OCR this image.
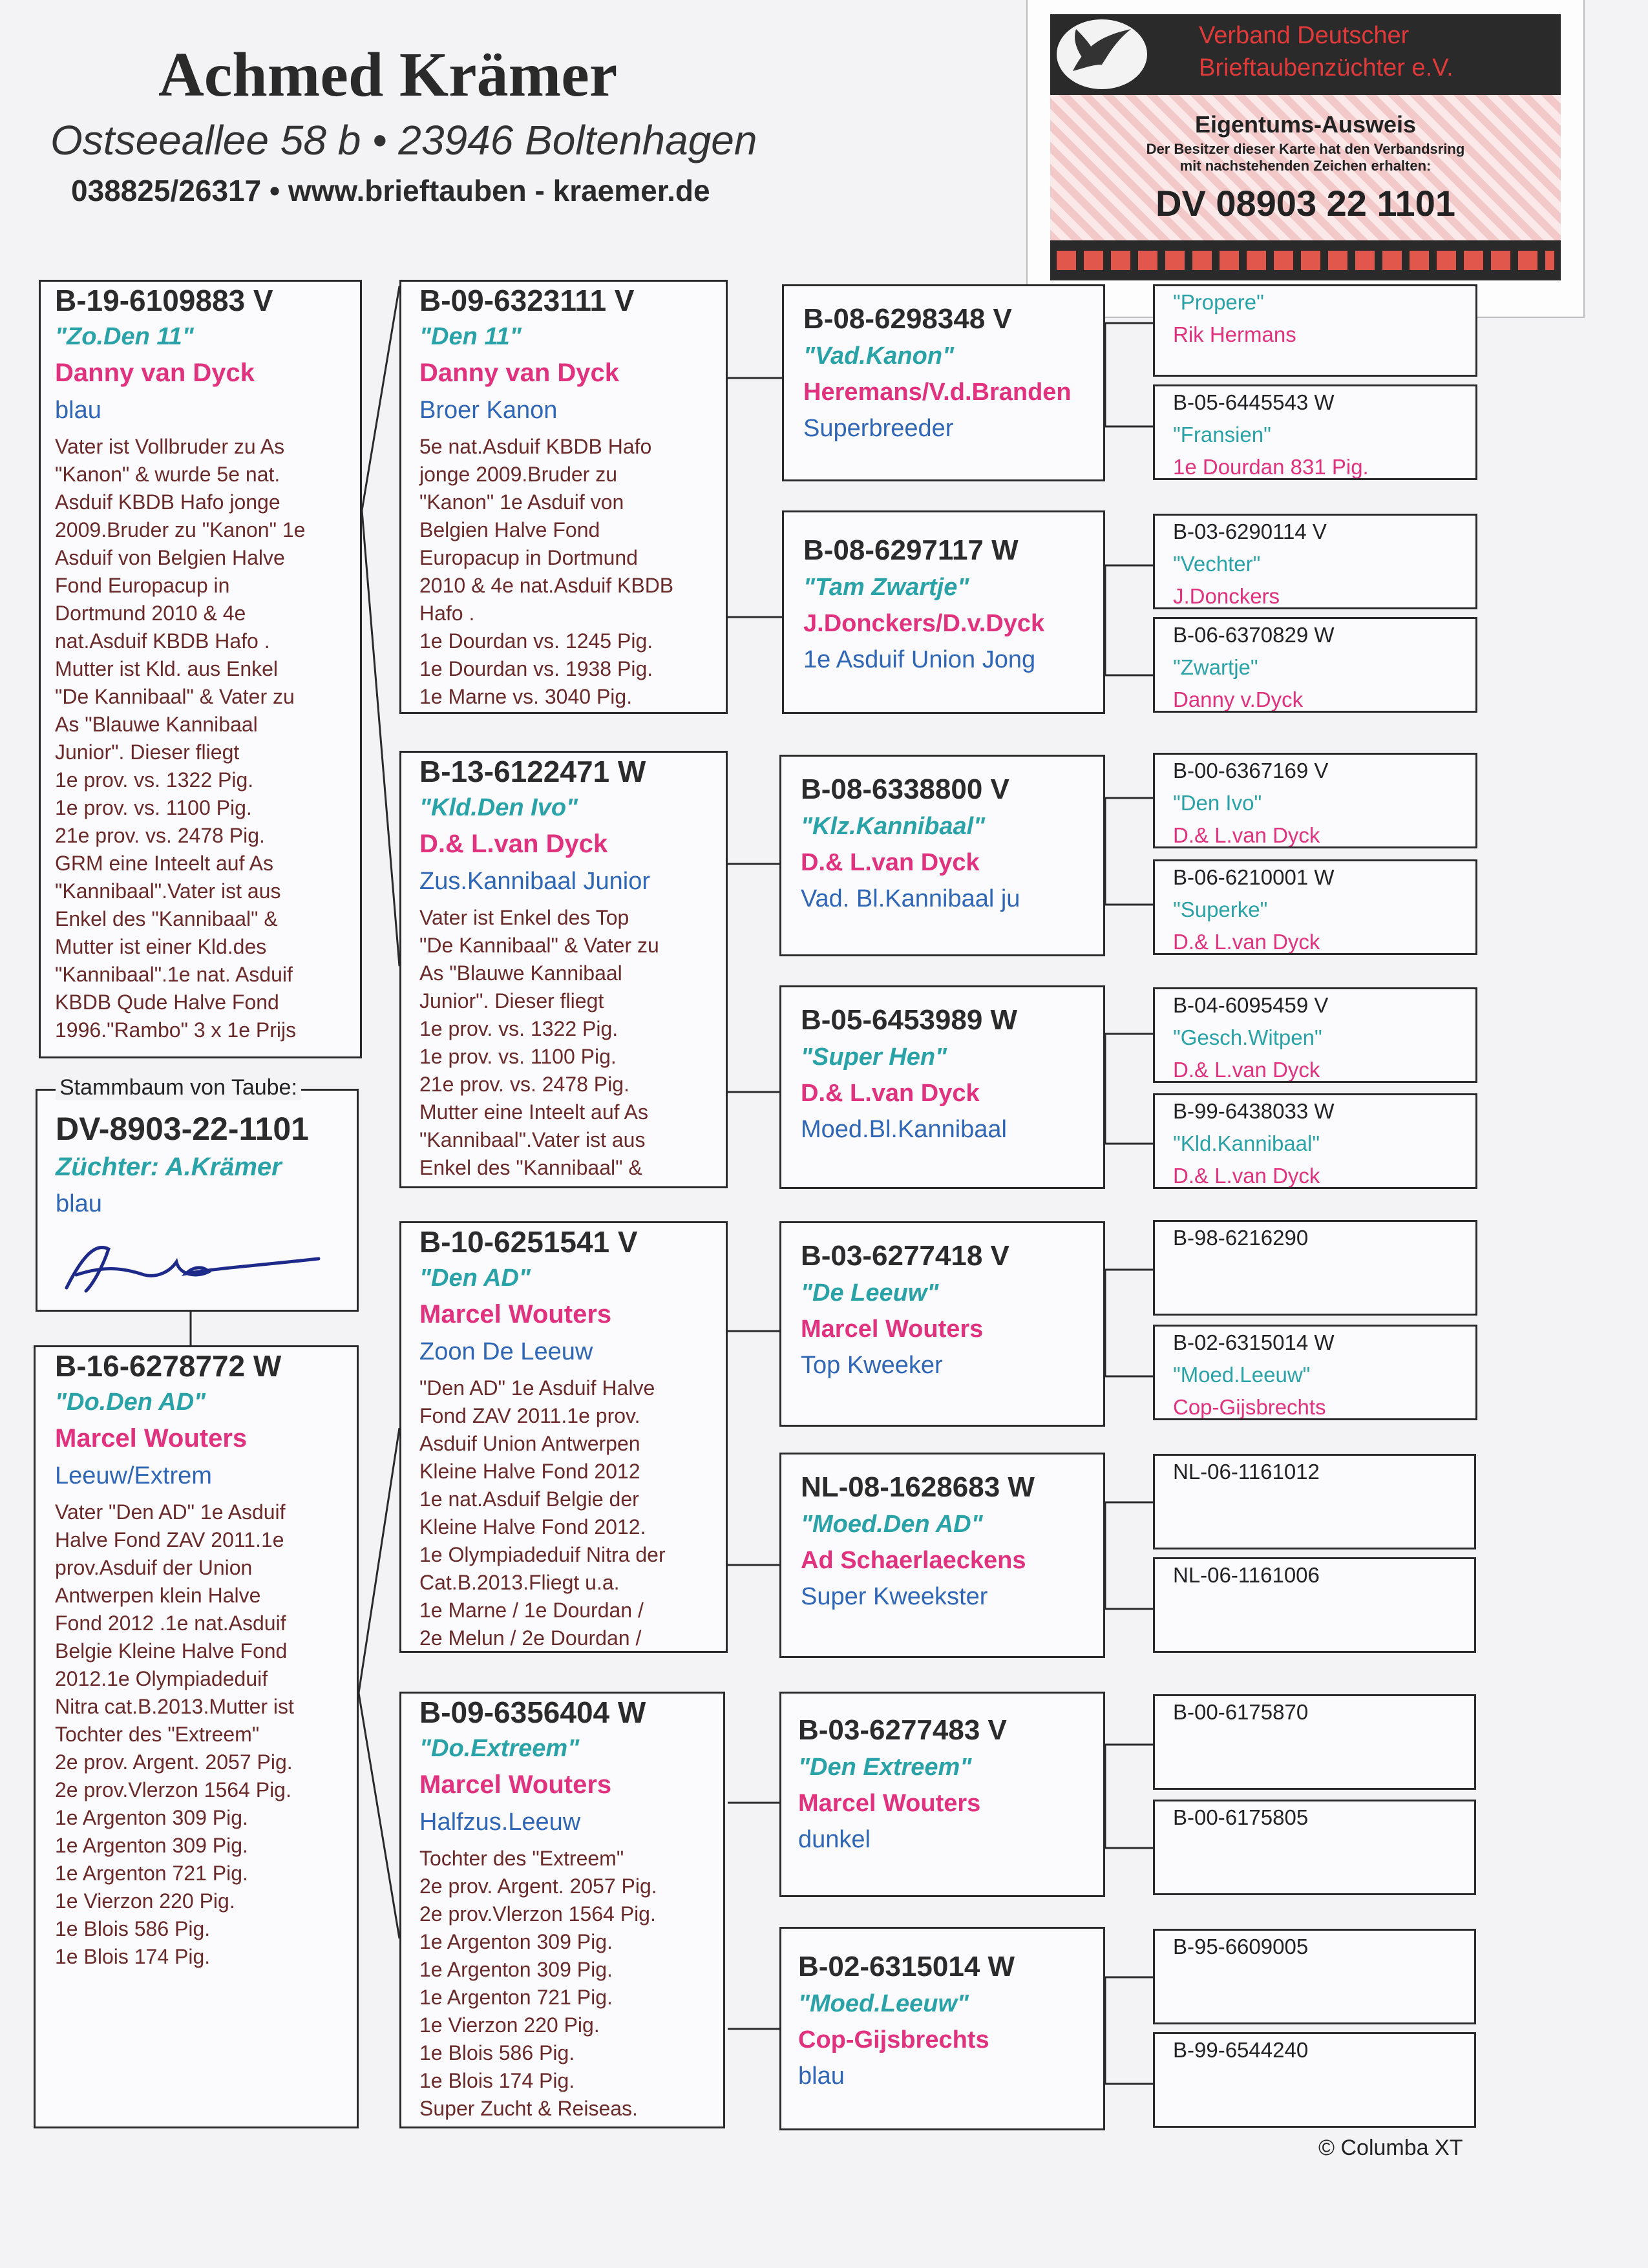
Achmed Krämer
Ostseeallee 58 b • 23946 Boltenhagen
038825/26317 • www.brieftauben - kraemer.de
Verband Deutscher
Brieftaubenzüchter e.V.
Eigentums-Ausweis
Der Besitzer dieser Karte hat den Verbandsring
mit nachstehenden Zeichen erhalten:
DV 08903 22 1101
B-19-6109883 V
"Zo.Den 11"
Danny van Dyck
blau
Vater ist Vollbruder zu As
"Kanon" & wurde 5e nat.
Asduif KBDB Hafo jonge
2009.Bruder zu "Kanon" 1e
Asduif von Belgien Halve
Fond Europacup in
Dortmund 2010 & 4e
nat.Asduif KBDB Hafo .
Mutter ist Kld. aus Enkel
"De Kannibaal" & Vater zu
As "Blauwe Kannibaal
Junior". Dieser fliegt
1e prov. vs. 1322 Pig.
1e prov. vs. 1100 Pig.
21e prov. vs. 2478 Pig.
GRM eine Inteelt auf As
"Kannibaal".Vater ist aus
Enkel des "Kannibaal" &
Mutter ist einer Kld.des
"Kannibaal".1e nat. Asduif
KBDB Qude Halve Fond
1996."Rambo" 3 x 1e Prijs
Stammbaum von Taube:
DV-8903-22-1101
Züchter: A.Krämer
blau
B-16-6278772 W
"Do.Den AD"
Marcel Wouters
Leeuw/Extrem
Vater "Den AD" 1e Asduif
Halve Fond ZAV 2011.1e
prov.Asduif der Union
Antwerpen klein Halve
Fond 2012 .1e nat.Asduif
Belgie Kleine Halve Fond
2012.1e Olympiadeduif
Nitra cat.B.2013.Mutter ist
Tochter des "Extreem"
2e prov. Argent. 2057 Pig.
2e prov.Vlerzon 1564 Pig.
1e Argenton 309 Pig.
1e Argenton 309 Pig.
1e Argenton 721 Pig.
1e Vierzon 220 Pig.
1e Blois 586 Pig.
1e Blois 174 Pig.
B-09-6323111 V
"Den 11"
Danny van Dyck
Broer Kanon
5e nat.Asduif KBDB Hafo
jonge 2009.Bruder zu
"Kanon" 1e Asduif von
Belgien Halve Fond
Europacup in Dortmund
2010 & 4e nat.Asduif KBDB
Hafo .
1e Dourdan vs. 1245 Pig.
1e Dourdan vs. 1938 Pig.
1e Marne vs. 3040 Pig.
B-13-6122471 W
"Kld.Den Ivo"
D.& L.van Dyck
Zus.Kannibaal Junior
Vater ist Enkel des Top
"De Kannibaal" & Vater zu
As "Blauwe Kannibaal
Junior". Dieser fliegt
1e prov. vs. 1322 Pig.
1e prov. vs. 1100 Pig.
21e prov. vs. 2478 Pig.
Mutter eine Inteelt auf As
"Kannibaal".Vater ist aus
Enkel des "Kannibaal" &
B-10-6251541 V
"Den AD"
Marcel Wouters
Zoon De Leeuw
"Den AD" 1e Asduif Halve
Fond ZAV 2011.1e prov.
Asduif Union Antwerpen
Kleine Halve Fond 2012
1e nat.Asduif Belgie der
Kleine Halve Fond 2012.
1e Olympiadeduif Nitra der
Cat.B.2013.Fliegt u.a.
1e Marne / 1e Dourdan /
2e Melun / 2e Dourdan /
B-09-6356404 W
"Do.Extreem"
Marcel Wouters
Halfzus.Leeuw
Tochter des "Extreem"
2e prov. Argent. 2057 Pig.
2e prov.Vlerzon 1564 Pig.
1e Argenton 309 Pig.
1e Argenton 309 Pig.
1e Argenton 721 Pig.
1e Vierzon 220 Pig.
1e Blois 586 Pig.
1e Blois 174 Pig.
Super Zucht & Reiseas.
B-08-6298348 V
"Vad.Kanon"
Heremans/V.d.Branden
Superbreeder
B-08-6297117 W
"Tam Zwartje"
J.Donckers/D.v.Dyck
1e Asduif Union Jong
B-08-6338800 V
"Klz.Kannibaal"
D.& L.van Dyck
Vad. Bl.Kannibaal ju
B-05-6453989 W
"Super Hen"
D.& L.van Dyck
Moed.Bl.Kannibaal
B-03-6277418 V
"De Leeuw"
Marcel Wouters
Top Kweeker
NL-08-1628683 W
"Moed.Den AD"
Ad Schaerlaeckens
Super Kweekster
B-03-6277483 V
"Den Extreem"
Marcel Wouters
dunkel
B-02-6315014 W
"Moed.Leeuw"
Cop-Gijsbrechts
blau
"Propere"
Rik Hermans
B-05-6445543 W
"Fransien"
1e Dourdan 831 Pig.
B-03-6290114 V
"Vechter"
J.Donckers
B-06-6370829 W
"Zwartje"
Danny v.Dyck
B-00-6367169 V
"Den Ivo"
D.& L.van Dyck
B-06-6210001 W
"Superke"
D.& L.van Dyck
B-04-6095459 V
"Gesch.Witpen"
D.& L.van Dyck
B-99-6438033 W
"Kld.Kannibaal"
D.& L.van Dyck
B-98-6216290
B-02-6315014 W
"Moed.Leeuw"
Cop-Gijsbrechts
NL-06-1161012
NL-06-1161006
B-00-6175870
B-00-6175805
B-95-6609005
B-99-6544240
© Columba XT
